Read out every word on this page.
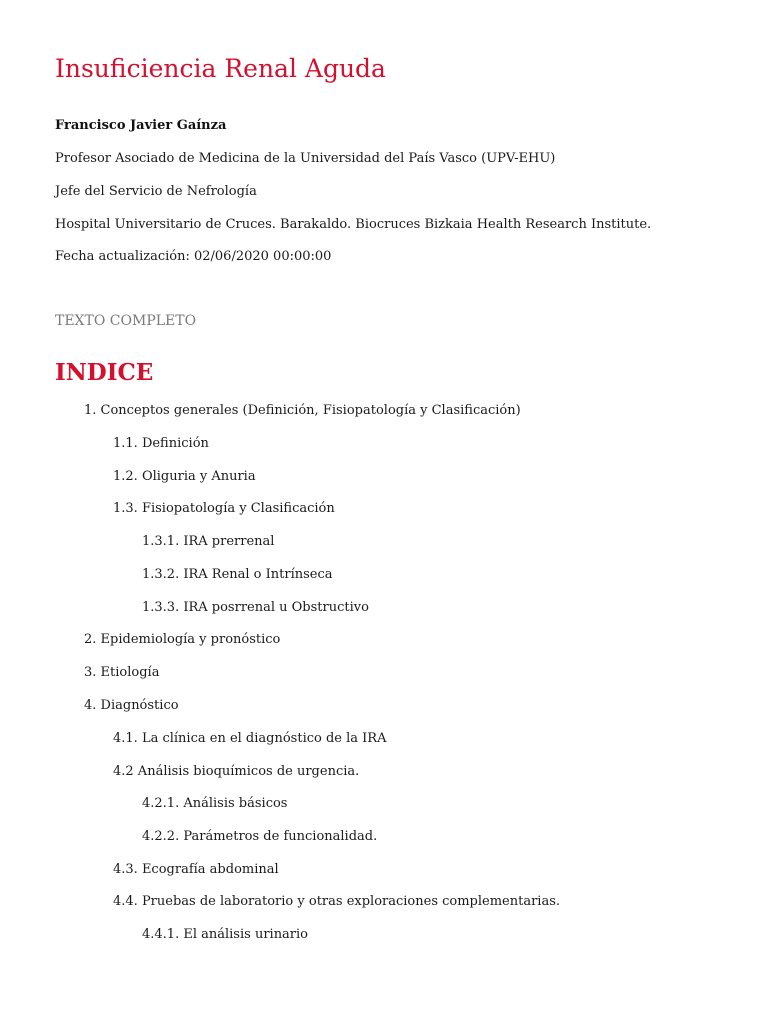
Insuficiencia Renal Aguda
Francisco Javier Gaínza
Profesor Asociado de Medicina de la Universidad del País Vasco (UPV-EHU)
Jefe del Servicio de Nefrología
Hospital Universitario de Cruces. Barakaldo. Biocruces Bizkaia Health Research Institute.
Fecha actualización: 02/06/2020 00:00:00
TEXTO COMPLETO
INDICE
1. Conceptos generales (Definición, Fisiopatología y Clasificación)
1.1. Definición
1.2. Oliguria y Anuria
1.3. Fisiopatología y Clasificación
1.3.1. IRA prerrenal
1.3.2. IRA Renal o Intrínseca
1.3.3. IRA posrrenal u Obstructivo
2. Epidemiología y pronóstico
3. Etiología
4. Diagnóstico
4.1. La clínica en el diagnóstico de la IRA
4.2 Análisis bioquímicos de urgencia.
4.2.1. Análisis básicos
4.2.2. Parámetros de funcionalidad.
4.3. Ecografía abdominal
4.4. Pruebas de laboratorio y otras exploraciones complementarias.
4.4.1. El análisis urinario
